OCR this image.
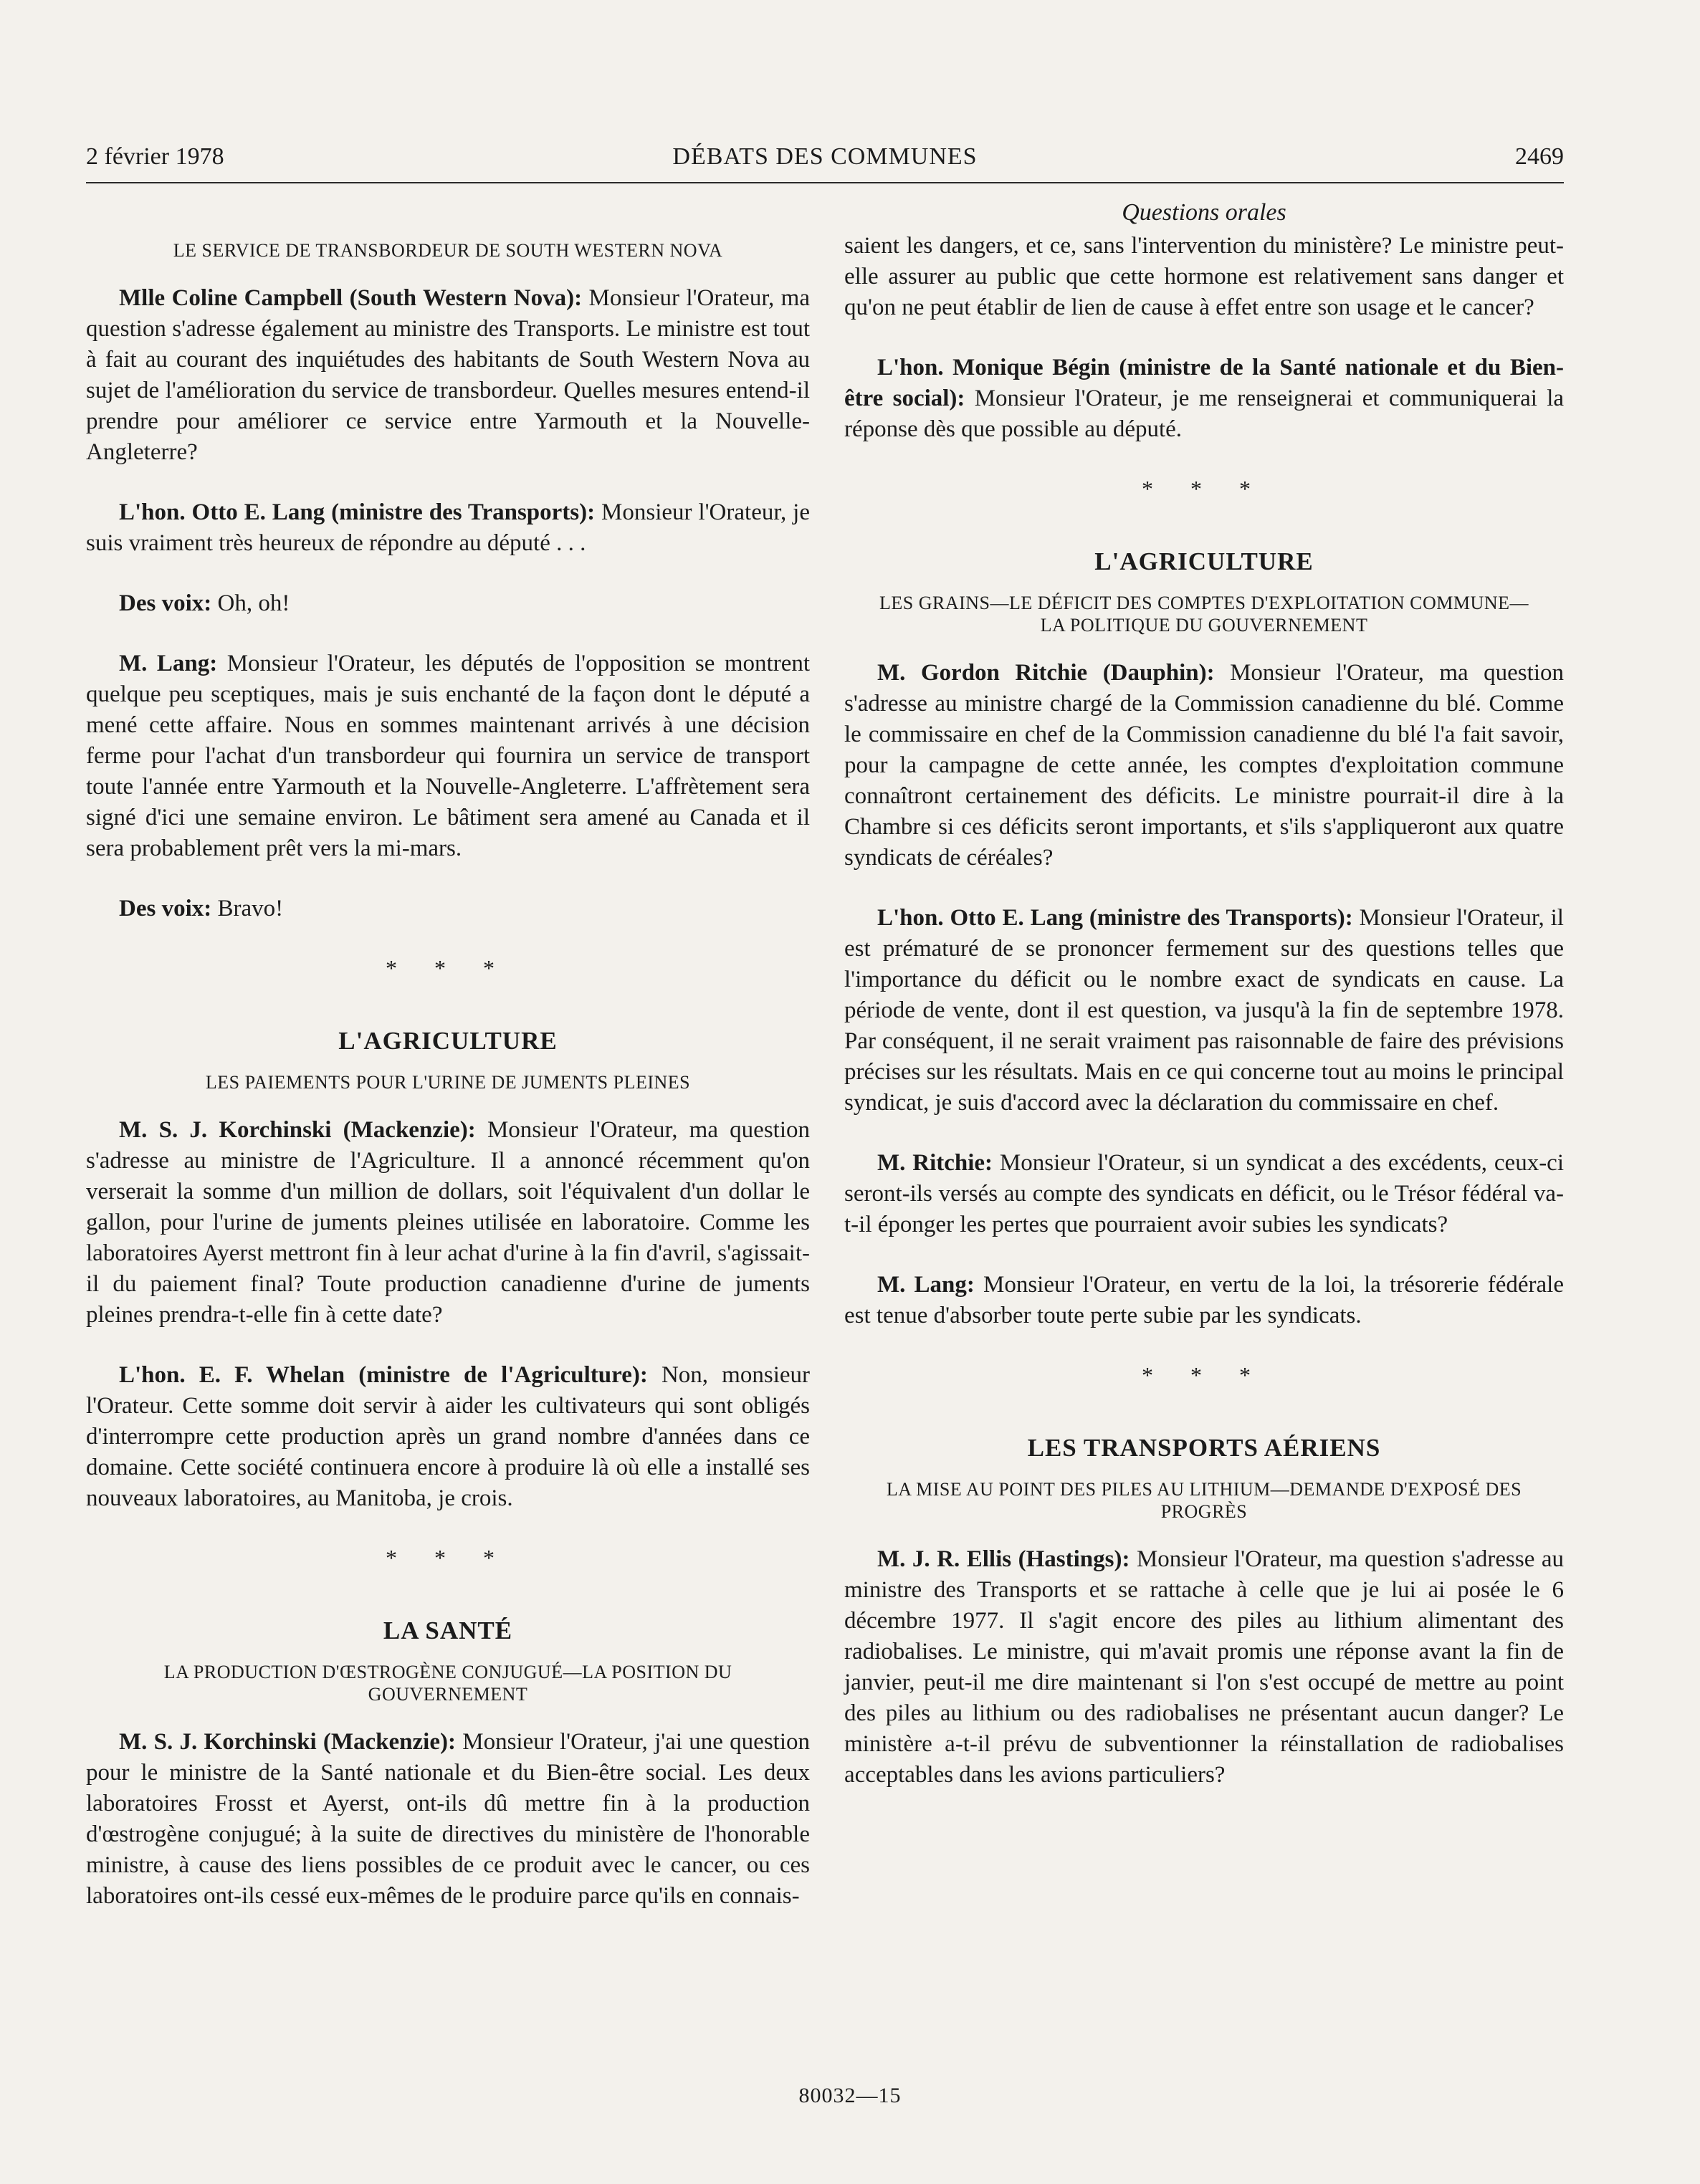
2 février 1978	DÉBATS DES COMMUNES	2469
LE SERVICE DE TRANSBORDEUR DE SOUTH WESTERN NOVA

Mlle Coline Campbell (South Western Nova): Monsieur l'Orateur, ma question s'adresse également au ministre des Transports. Le ministre est tout à fait au courant des inquiétudes des habitants de South Western Nova au sujet de l'amélioration du service de transbordeur. Quelles mesures entend-il prendre pour améliorer ce service entre Yarmouth et la Nouvelle-Angleterre?

L'hon. Otto E. Lang (ministre des Transports): Monsieur l'Orateur, je suis vraiment très heureux de répondre au député . . .

Des voix: Oh, oh!

M. Lang: Monsieur l'Orateur, les députés de l'opposition se montrent quelque peu sceptiques, mais je suis enchanté de la façon dont le député a mené cette affaire. Nous en sommes maintenant arrivés à une décision ferme pour l'achat d'un transbordeur qui fournira un service de transport toute l'année entre Yarmouth et la Nouvelle-Angleterre. L'affrètement sera signé d'ici une semaine environ. Le bâtiment sera amené au Canada et il sera probablement prêt vers la mi-mars.

Des voix: Bravo!

* * *
L'AGRICULTURE
LES PAIEMENTS POUR L'URINE DE JUMENTS PLEINES

M. S. J. Korchinski (Mackenzie): Monsieur l'Orateur, ma question s'adresse au ministre de l'Agriculture. Il a annoncé récemment qu'on verserait la somme d'un million de dollars, soit l'équivalent d'un dollar le gallon, pour l'urine de juments pleines utilisée en laboratoire. Comme les laboratoires Ayerst mettront fin à leur achat d'urine à la fin d'avril, s'agissait-il du paiement final? Toute production canadienne d'urine de juments pleines prendra-t-elle fin à cette date?

L'hon. E. F. Whelan (ministre de l'Agriculture): Non, monsieur l'Orateur. Cette somme doit servir à aider les cultivateurs qui sont obligés d'interrompre cette production après un grand nombre d'années dans ce domaine. Cette société continuera encore à produire là où elle a installé ses nouveaux laboratoires, au Manitoba, je crois.

* * *
LA SANTÉ
LA PRODUCTION D'ŒSTROGÈNE CONJUGUÉ—LA POSITION DU GOUVERNEMENT

M. S. J. Korchinski (Mackenzie): Monsieur l'Orateur, j'ai une question pour le ministre de la Santé nationale et du Bien-être social. Les deux laboratoires Frosst et Ayerst, ont-ils dû mettre fin à la production d'œstrogène conjugué; à la suite de directives du ministère de l'honorable ministre, à cause des liens possibles de ce produit avec le cancer, ou ces laboratoires ont-ils cessé eux-mêmes de le produire parce qu'ils en connais-

Questions orales

saient les dangers, et ce, sans l'intervention du ministère? Le ministre peut-elle assurer au public que cette hormone est relativement sans danger et qu'on ne peut établir de lien de cause à effet entre son usage et le cancer?

L'hon. Monique Bégin (ministre de la Santé nationale et du Bien-être social): Monsieur l'Orateur, je me renseignerai et communiquerai la réponse dès que possible au député.

* * *
L'AGRICULTURE
LES GRAINS—LE DÉFICIT DES COMPTES D'EXPLOITATION COMMUNE—LA POLITIQUE DU GOUVERNEMENT

M. Gordon Ritchie (Dauphin): Monsieur l'Orateur, ma question s'adresse au ministre chargé de la Commission canadienne du blé. Comme le commissaire en chef de la Commission canadienne du blé l'a fait savoir, pour la campagne de cette année, les comptes d'exploitation commune connaîtront certainement des déficits. Le ministre pourrait-il dire à la Chambre si ces déficits seront importants, et s'ils s'appliqueront aux quatre syndicats de céréales?

L'hon. Otto E. Lang (ministre des Transports): Monsieur l'Orateur, il est prématuré de se prononcer fermement sur des questions telles que l'importance du déficit ou le nombre exact de syndicats en cause. La période de vente, dont il est question, va jusqu'à la fin de septembre 1978. Par conséquent, il ne serait vraiment pas raisonnable de faire des prévisions précises sur les résultats. Mais en ce qui concerne tout au moins le principal syndicat, je suis d'accord avec la déclaration du commissaire en chef.

M. Ritchie: Monsieur l'Orateur, si un syndicat a des excédents, ceux-ci seront-ils versés au compte des syndicats en déficit, ou le Trésor fédéral va-t-il éponger les pertes que pourraient avoir subies les syndicats?

M. Lang: Monsieur l'Orateur, en vertu de la loi, la trésorerie fédérale est tenue d'absorber toute perte subie par les syndicats.

* * *
LES TRANSPORTS AÉRIENS
LA MISE AU POINT DES PILES AU LITHIUM—DEMANDE D'EXPOSÉ DES PROGRÈS

M. J. R. Ellis (Hastings): Monsieur l'Orateur, ma question s'adresse au ministre des Transports et se rattache à celle que je lui ai posée le 6 décembre 1977. Il s'agit encore des piles au lithium alimentant des radiobalises. Le ministre, qui m'avait promis une réponse avant la fin de janvier, peut-il me dire maintenant si l'on s'est occupé de mettre au point des piles au lithium ou des radiobalises ne présentant aucun danger? Le ministère a-t-il prévu de subventionner la réinstallation de radiobalises acceptables dans les avions particuliers?

80032—15
